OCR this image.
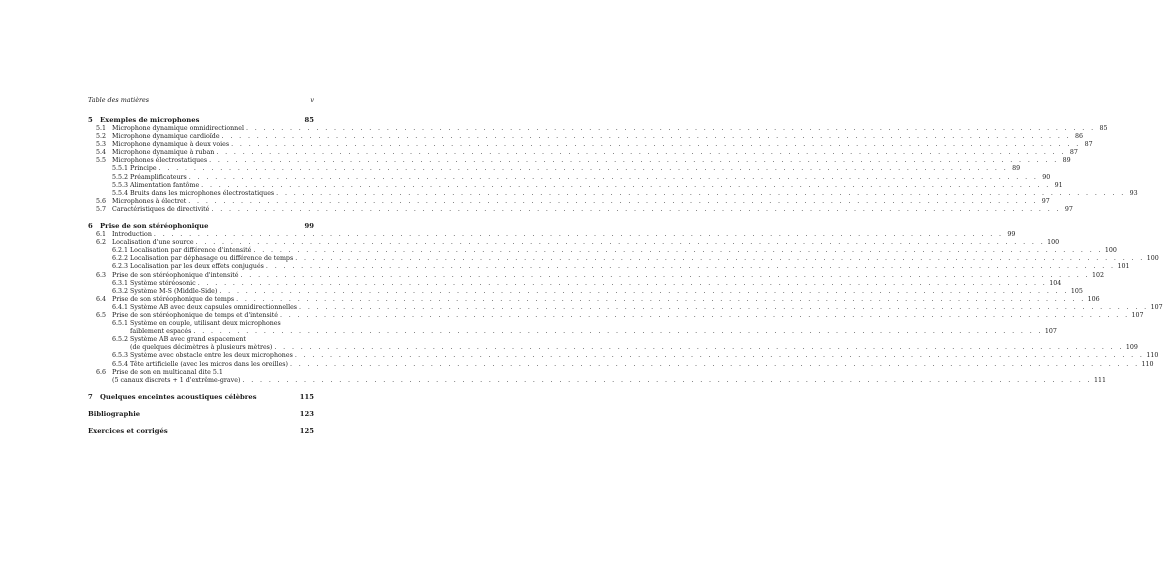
Table des matières	v
5	Exemples de microphones	85
5.1 Microphone dynamique omnidirectionnel . . .	85
5.2 Microphone dynamique cardioïde . . .	86
5.3 Microphone dynamique à deux voies . . .	87
5.4 Microphone dynamique à ruban . . .	87
5.5 Microphones électrostatiques . . .	89
5.5.1 Principe . . .	89
5.5.2 Préamplificateurs . . .	90
5.5.3 Alimentation fantôme . . .	91
5.5.4 Bruits dans les microphones électrostatiques . . .	93
5.6 Microphones à électret . . .	97
5.7 Caractéristiques de directivité . . .	97
6	Prise de son stéréophonique	99
6.1 Introduction . . .	99
6.2 Localisation d'une source . . .	100
6.2.1 Localisation par différence d'intensité . . .	100
6.2.2 Localisation par déphasage ou différence de temps . . .	100
6.2.3 Localisation par les deux effets conjugués . . .	101
6.3 Prise de son stéréophonique d'intensité . . .	102
6.3.1 Système stéréosonic . . .	104
6.3.2 Système M-S (Middle-Side) . . .	105
6.4 Prise de son stéréophonique de temps . . .	106
6.4.1 Système AB avec deux capsules omnidirectionnelles . . .	107
6.5 Prise de son stéréophonique de temps et d'intensité . . .	107
6.5.1 Système en couple, utilisant deux microphones
faiblement espacés . . .	107
6.5.2 Système AB avec grand espacement
(de quelques décimètres à plusieurs mètres) . . .	109
6.5.3 Système avec obstacle entre les deux microphones . . .	110
6.5.4 Tête artificielle (avec les micros dans les oreilles) . . .	110
6.6 Prise de son en multicanal dite 5.1
(5 canaux discrets + 1 d'extrême-grave) . . .	111
7	Quelques enceintes acoustiques célèbres	115
Bibliographie	123
Exercices et corrigés	125
